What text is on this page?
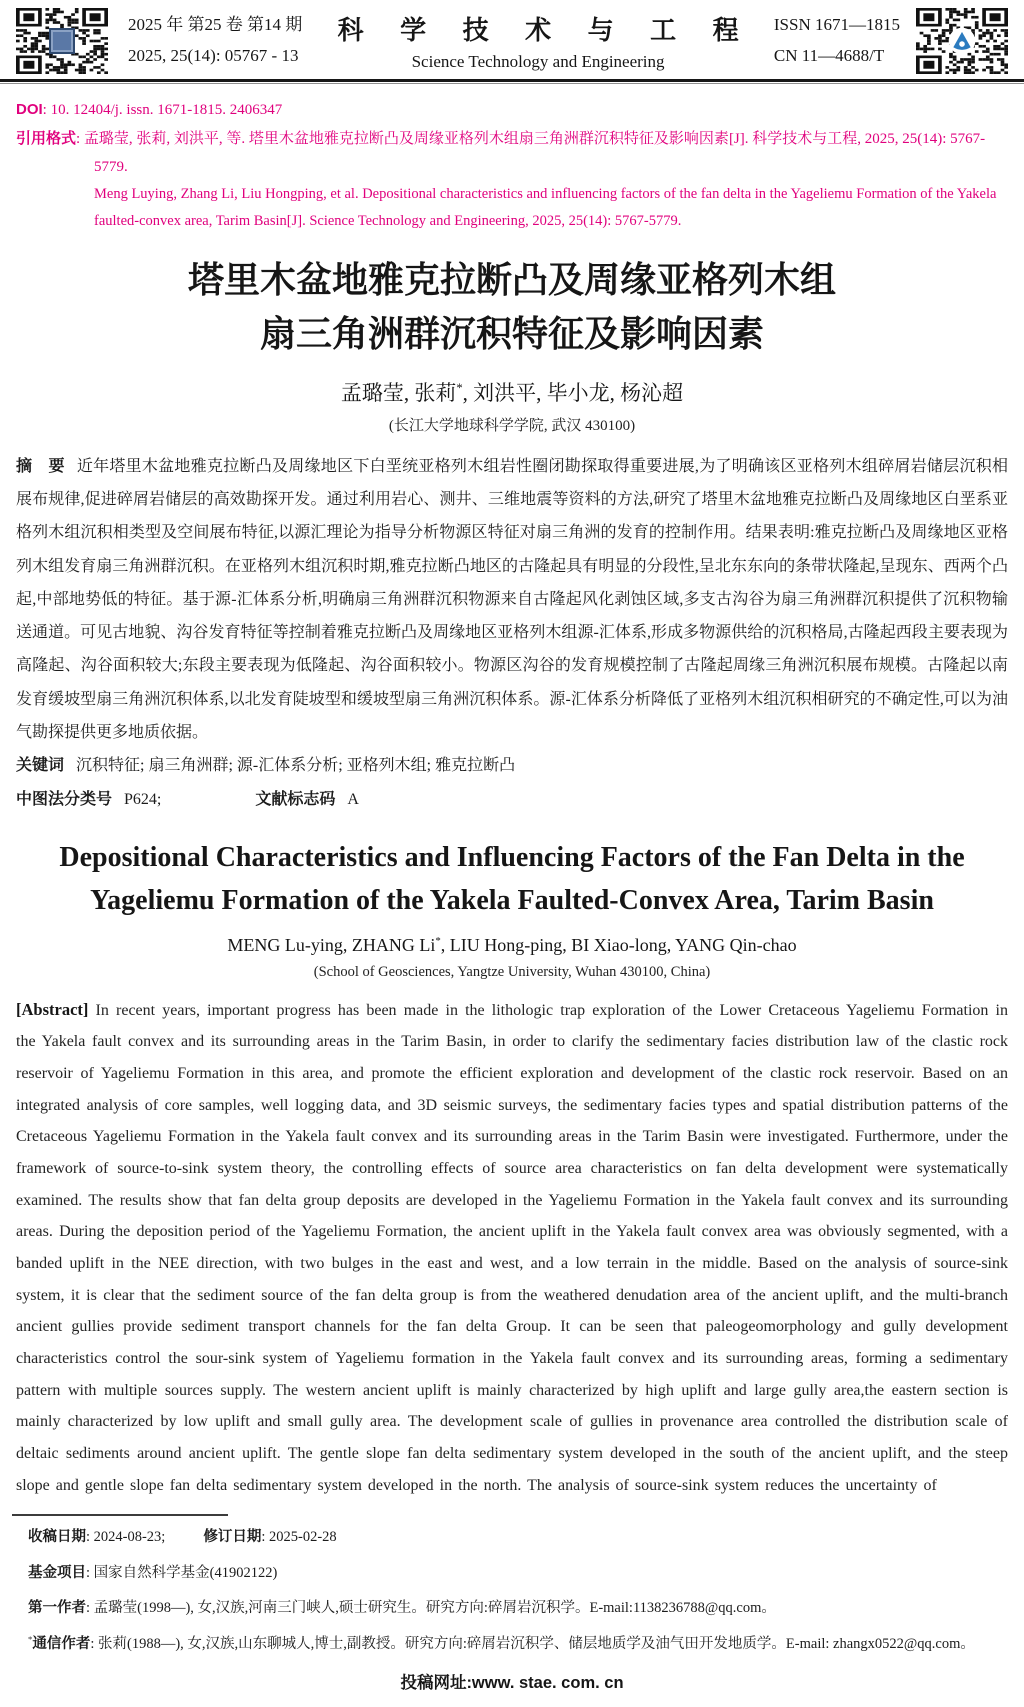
2025 年 第25 卷 第14 期
2025, 25(14): 05767 - 13
科 学 技 术 与 工 程
Science Technology and Engineering
ISSN 1671—1815
CN 11—4688/T

DOI: 10. 12404/j. issn. 1671-1815. 2406347

引用格式: 孟璐莹, 张莉, 刘洪平, 等. 塔里木盆地雅克拉断凸及周缘亚格列木组扇三角洲群沉积特征及影响因素[J]. 科学技术与工程, 2025, 25(14): 5767-5779.

Meng Luying, Zhang Li, Liu Hongping, et al. Depositional characteristics and influencing factors of the fan delta in the Yageliemu Formation of the Yakela faulted-convex area, Tarim Basin[J]. Science Technology and Engineering, 2025, 25(14): 5767-5779.

塔里木盆地雅克拉断凸及周缘亚格列木组
扇三角洲群沉积特征及影响因素

孟璐莹, 张莉*, 刘洪平, 毕小龙, 杨沁超

(长江大学地球科学学院, 武汉 430100)

摘　要 近年塔里木盆地雅克拉断凸及周缘地区下白垩统亚格列木组岩性圈闭勘探取得重要进展,为了明确该区亚格列木组碎屑岩储层沉积相展布规律,促进碎屑岩储层的高效勘探开发。通过利用岩心、测井、三维地震等资料的方法,研究了塔里木盆地雅克拉断凸及周缘地区白垩系亚格列木组沉积相类型及空间展布特征,以源汇理论为指导分析物源区特征对扇三角洲的发育的控制作用。结果表明:雅克拉断凸及周缘地区亚格列木组发育扇三角洲群沉积。在亚格列木组沉积时期,雅克拉断凸地区的古隆起具有明显的分段性,呈北东东向的条带状隆起,呈现东、西两个凸起,中部地势低的特征。基于源-汇体系分析,明确扇三角洲群沉积物源来自古隆起风化剥蚀区域,多支古沟谷为扇三角洲群沉积提供了沉积物输送通道。可见古地貌、沟谷发育特征等控制着雅克拉断凸及周缘地区亚格列木组源-汇体系,形成多物源供给的沉积格局,古隆起西段主要表现为高隆起、沟谷面积较大;东段主要表现为低隆起、沟谷面积较小。物源区沟谷的发育规模控制了古隆起周缘三角洲沉积展布规模。古隆起以南发育缓坡型扇三角洲沉积体系,以北发育陡坡型和缓坡型扇三角洲沉积体系。源-汇体系分析降低了亚格列木组沉积相研究的不确定性,可以为油气勘探提供更多地质依据。

关键词 沉积特征; 扇三角洲群; 源-汇体系分析; 亚格列木组; 雅克拉断凸

中图法分类号 P624;	文献标志码 A

Depositional Characteristics and Influencing Factors of the Fan Delta in the
Yageliemu Formation of the Yakela Faulted-Convex Area, Tarim Basin

MENG Lu-ying, ZHANG Li*, LIU Hong-ping, BI Xiao-long, YANG Qin-chao

(School of Geosciences, Yangtze University, Wuhan 430100, China)

[Abstract] In recent years, important progress has been made in the lithologic trap exploration of the Lower Cretaceous Yageliemu Formation in the Yakela fault convex and its surrounding areas in the Tarim Basin, in order to clarify the sedimentary facies distribution law of the clastic rock reservoir of Yageliemu Formation in this area, and promote the efficient exploration and development of the clastic rock reservoir. Based on an integrated analysis of core samples, well logging data, and 3D seismic surveys, the sedimentary facies types and spatial distribution patterns of the Cretaceous Yageliemu Formation in the Yakela fault convex and its surrounding areas in the Tarim Basin were investigated. Furthermore, under the framework of source-to-sink system theory, the controlling effects of source area characteristics on fan delta development were systematically examined. The results show that fan delta group deposits are developed in the Yageliemu Formation in the Yakela fault convex and its surrounding areas. During the deposition period of the Yageliemu Formation, the ancient uplift in the Yakela fault convex area was obviously segmented, with a banded uplift in the NEE direction, with two bulges in the east and west, and a low terrain in the middle. Based on the analysis of source-sink system, it is clear that the sediment source of the fan delta group is from the weathered denudation area of the ancient uplift, and the multi-branch ancient gullies provide sediment transport channels for the fan delta Group. It can be seen that paleogeomorphology and gully development characteristics control the sour-sink system of Yageliemu formation in the Yakela fault convex and its surrounding areas, forming a sedimentary pattern with multiple sources supply. The western ancient uplift is mainly characterized by high uplift and large gully area,the eastern section is mainly characterized by low uplift and small gully area. The development scale of gullies in provenance area controlled the distribution scale of deltaic sediments around ancient uplift. The gentle slope fan delta sedimentary system developed in the south of the ancient uplift, and the steep slope and gentle slope fan delta sedimentary system developed in the north. The analysis of source-sink system reduces the uncertainty of

收稿日期: 2024-08-23;	修订日期: 2025-02-28

基金项目: 国家自然科学基金(41902122)

第一作者: 孟璐莹(1998—), 女,汉族,河南三门峡人,硕士研究生。研究方向:碎屑岩沉积学。E-mail:1138236788@qq.com。

*通信作者: 张莉(1988—), 女,汉族,山东聊城人,博士,副教授。研究方向:碎屑岩沉积学、储层地质学及油气田开发地质学。E-mail: zhangx0522@qq.com。

投稿网址:www. stae. com. cn
